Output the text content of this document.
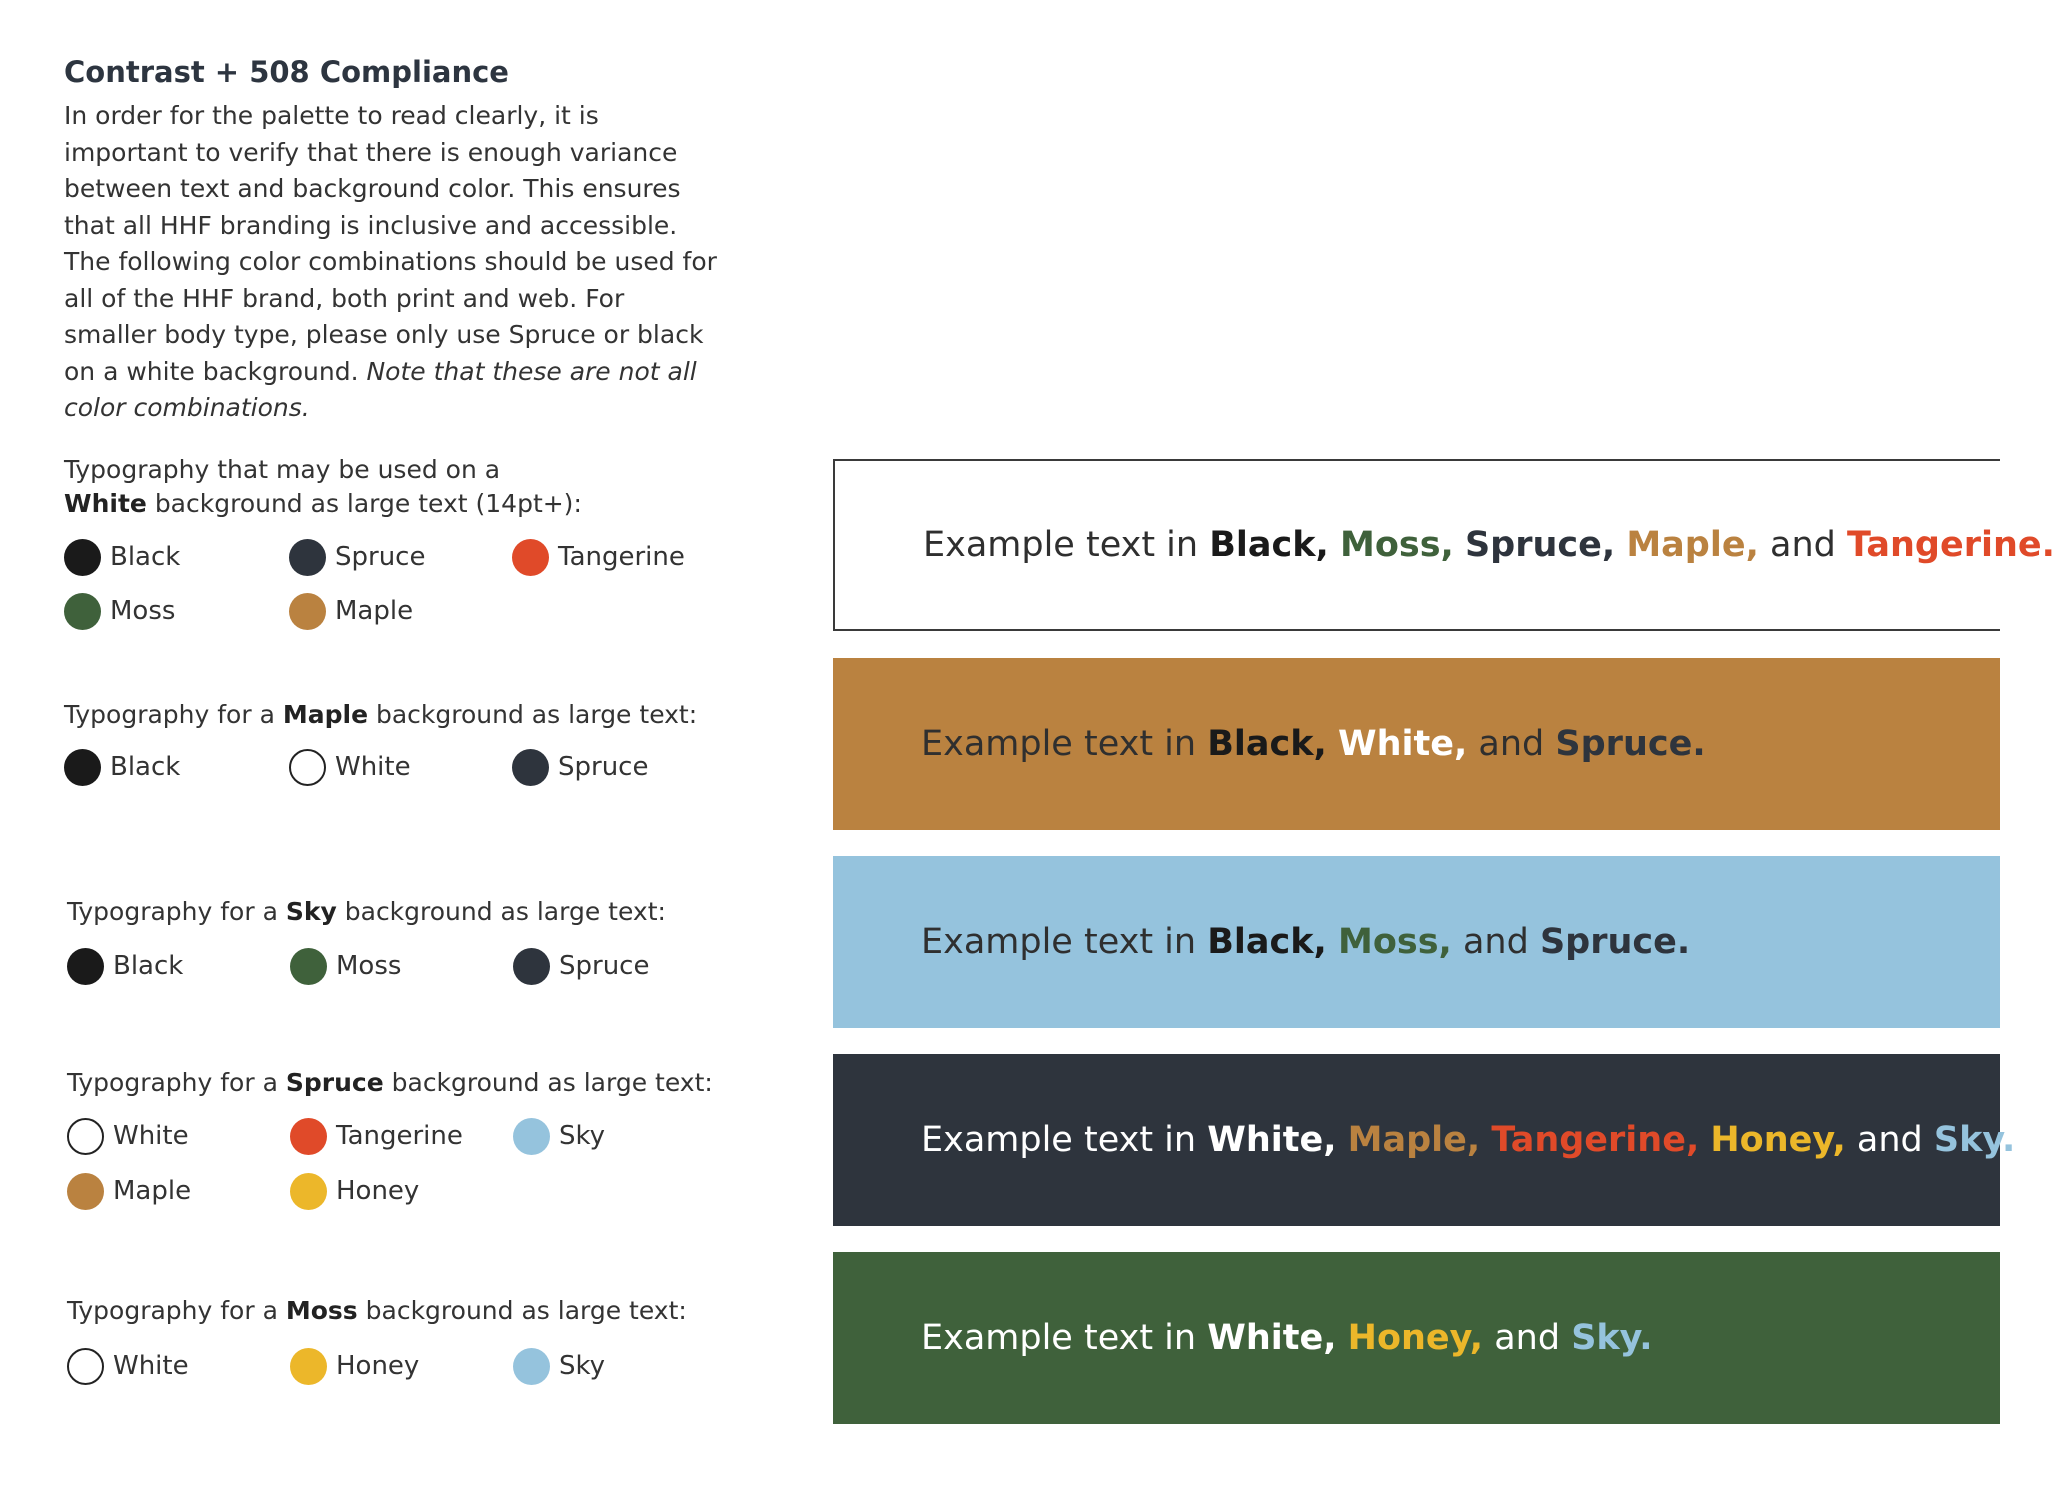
Contrast + 508 Compliance
In order for the palette to read clearly, it is important to verify that there is enough variance between text and background color. This ensures that all HHF branding is inclusive and accessible. The following color combinations should be used for all of the HHF brand, both print and web. For smaller body type, please only use Spruce or black on a white background. Note that these are not all color combinations.
Typography that may be used on a
White background as large text (14pt+):
Black	Spruce	Tangerine
Moss	Maple
Typography for a Maple background as large text:
Black	White	Spruce
Typography for a Sky background as large text:
Black	Moss	Spruce
Typography for a Spruce background as large text:
White	Tangerine	Sky
Maple	Honey
Typography for a Moss background as large text:
White	Honey	Sky
Example text in
Black,
Moss,
Spruce,
Maple,
and
Tangerine.
Example text in
Black,
White,
and
Spruce.
Example text in
Black,
Moss,
and
Spruce.
Example text in
White,
Maple,
Tangerine,
Honey,
and
Sky.
Example text in
White,
Honey,
and
Sky.
